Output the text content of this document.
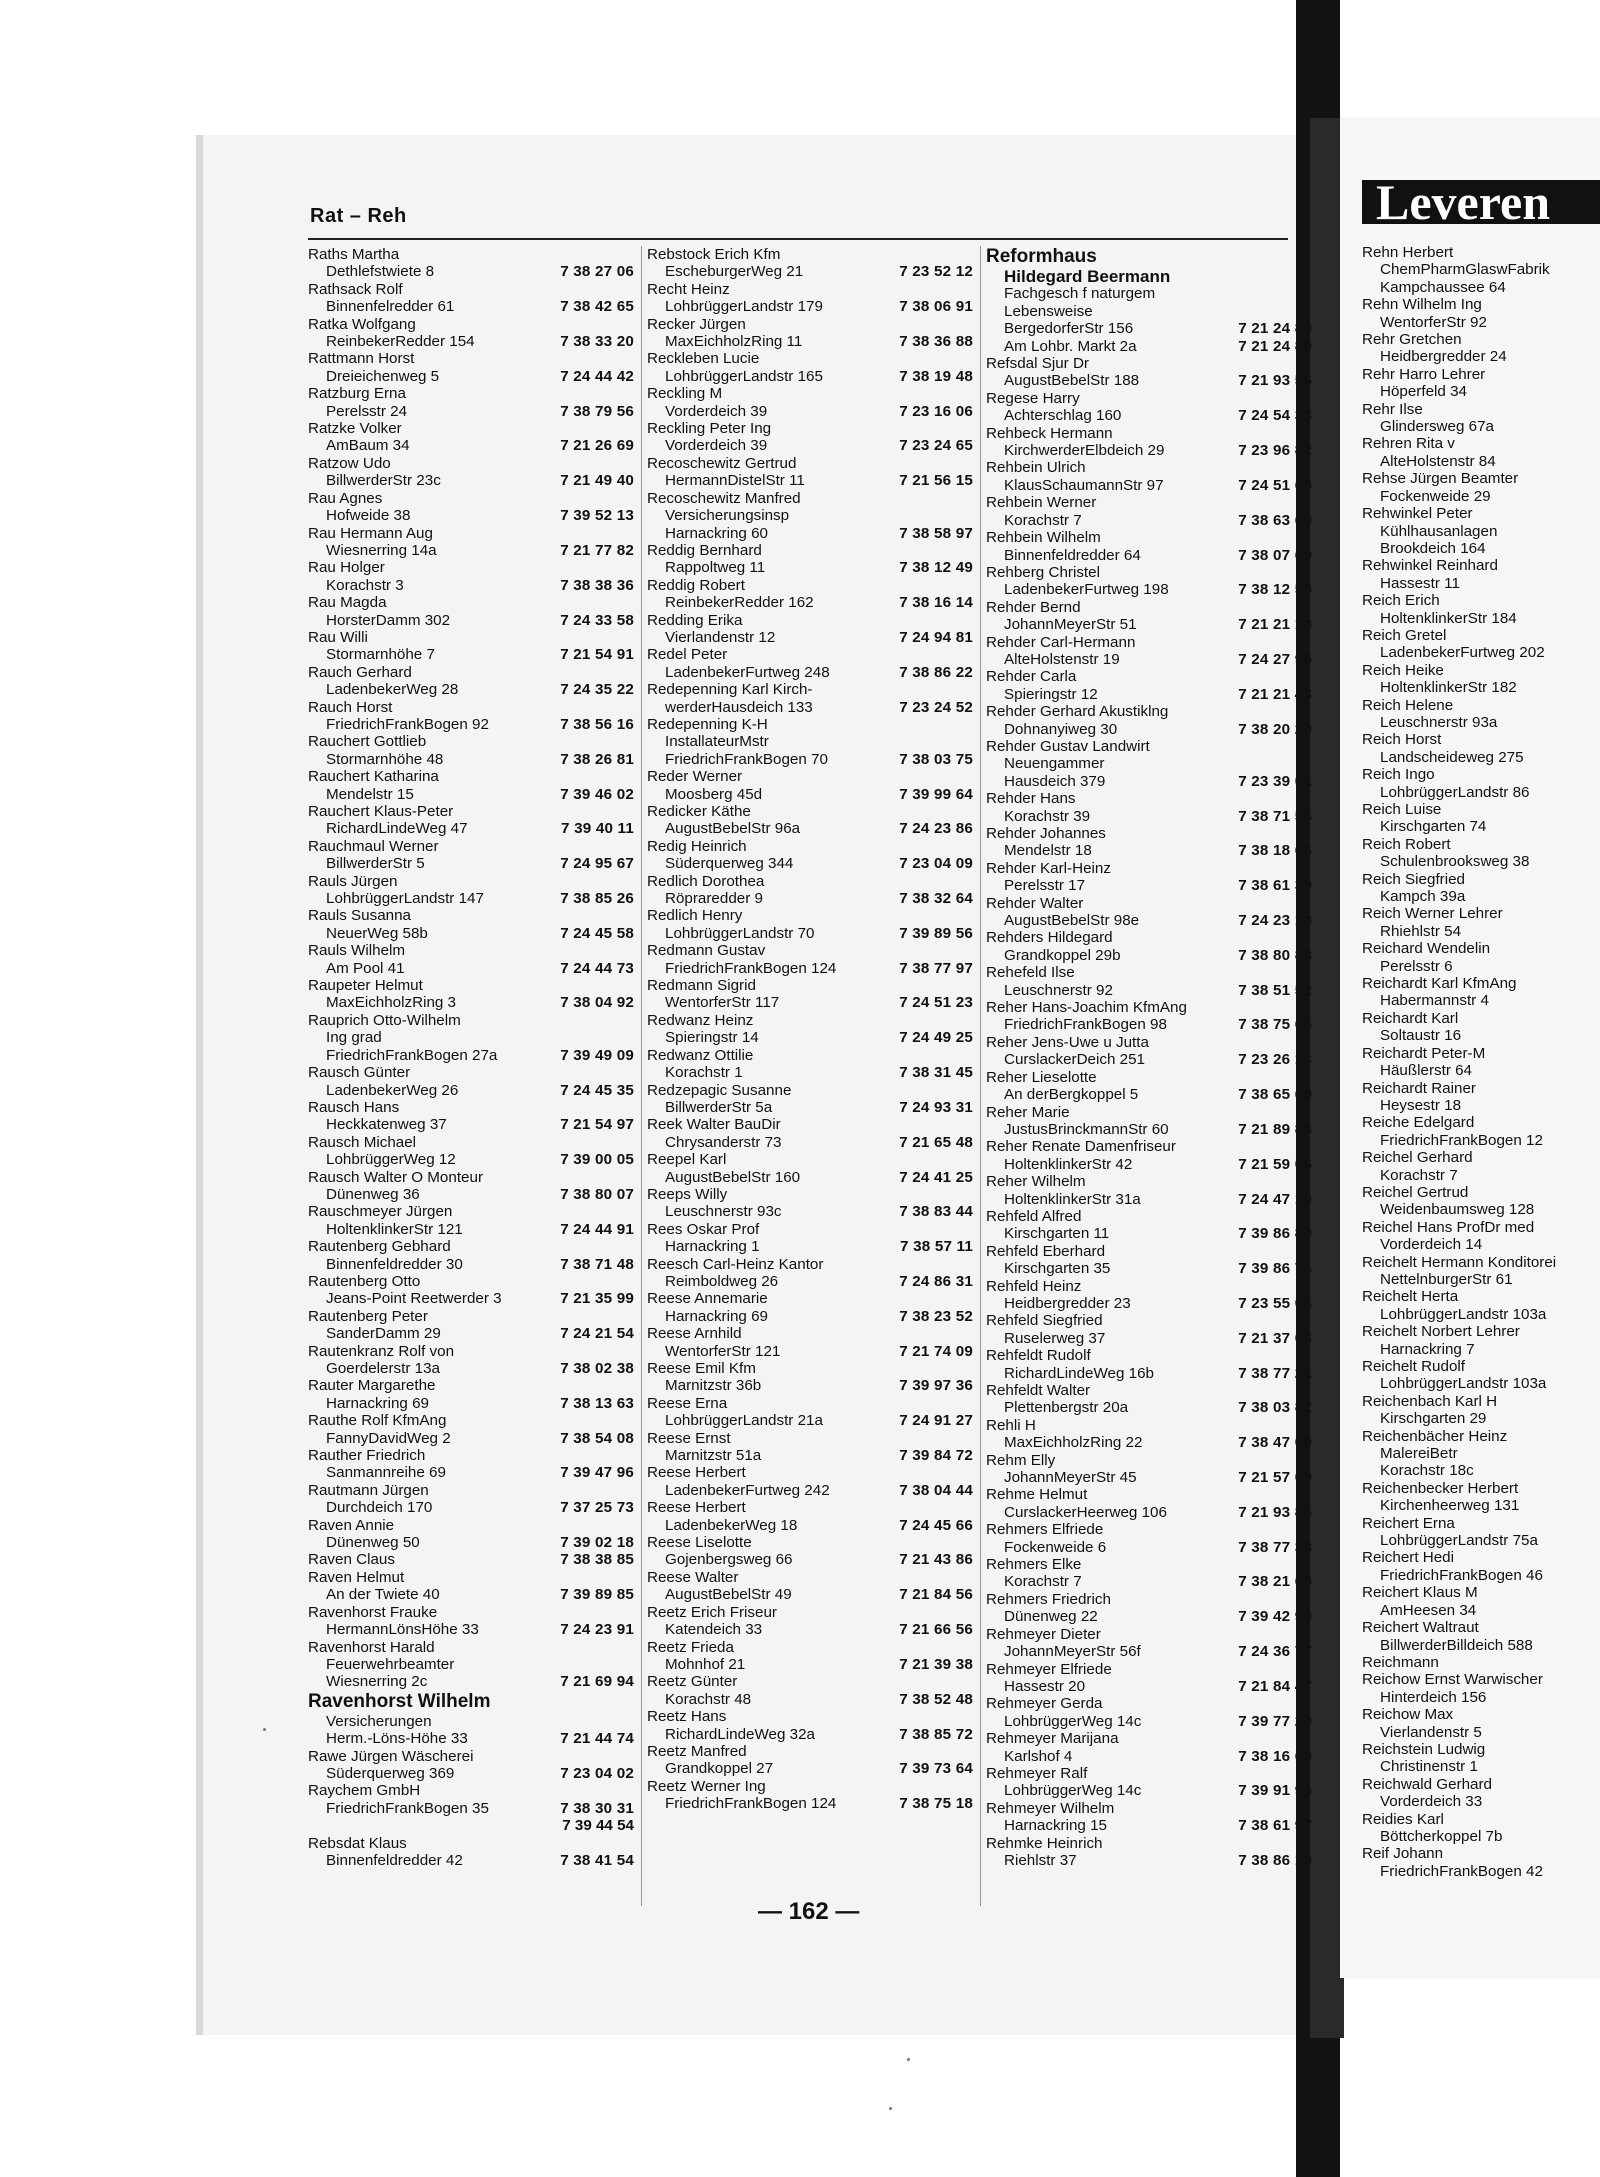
Leveren
Rehn Herbert
ChemPharmGlaswFabrik
Kampchaussee 64
Rehn Wilhelm Ing
WentorferStr 92
Rehr Gretchen
Heidbergredder 24
Rehr Harro Lehrer
Höperfeld 34
Rehr Ilse
Glindersweg 67a
Rehren Rita v
AlteHolstenstr 84
Rehse Jürgen Beamter
Fockenweide 29
Rehwinkel Peter
Kühlhausanlagen
Brookdeich 164
Rehwinkel Reinhard
Hassestr 11
Reich Erich
HoltenklinkerStr 184
Reich Gretel
LadenbekerFurtweg 202
Reich Heike
HoltenklinkerStr 182
Reich Helene
Leuschnerstr 93a
Reich Horst
Landscheideweg 275
Reich Ingo
LohbrüggerLandstr 86
Reich Luise
Kirschgarten 74
Reich Robert
Schulenbrooksweg 38
Reich Siegfried
Kampch 39a
Reich Werner Lehrer
Rhiehlstr 54
Reichard Wendelin
Perelsstr 6
Reichardt Karl KfmAng
Habermannstr 4
Reichardt Karl
Soltaustr 16
Reichardt Peter-M
Häußlerstr 64
Reichardt Rainer
Heysestr 18
Reiche Edelgard
FriedrichFrankBogen 12
Reichel Gerhard
Korachstr 7
Reichel Gertrud
Weidenbaumsweg 128
Reichel Hans ProfDr med
Vorderdeich 14
Reichelt Hermann Konditorei
NettelnburgerStr 61
Reichelt Herta
LohbrüggerLandstr 103a
Reichelt Norbert Lehrer
Harnackring 7
Reichelt Rudolf
LohbrüggerLandstr 103a
Reichenbach Karl H
Kirschgarten 29
Reichenbächer Heinz
MalereiBetr
Korachstr 18c
Reichenbecker Herbert
Kirchenheerweg 131
Reichert Erna
LohbrüggerLandstr 75a
Reichert Hedi
FriedrichFrankBogen 46
Reichert Klaus M
AmHeesen 34
Reichert Waltraut
BillwerderBilldeich 588
Reichmann
Reichow Ernst Warwischer
Hinterdeich 156
Reichow Max
Vierlandenstr 5
Reichstein Ludwig
Christinenstr 1
Reichwald Gerhard
Vorderdeich 33
Reidies Karl
Böttcherkoppel 7b
Reif Johann
FriedrichFrankBogen 42
Rat – Reh
Raths Martha
Dethlefstwiete 8	7 38 27 06
Rathsack Rolf
Binnenfelredder 61	7 38 42 65
Ratka Wolfgang
ReinbekerRedder 154	7 38 33 20
Rattmann Horst
Dreieichenweg 5	7 24 44 42
Ratzburg Erna
Perelsstr 24	7 38 79 56
Ratzke Volker
AmBaum 34	7 21 26 69
Ratzow Udo
BillwerderStr 23c	7 21 49 40
Rau Agnes
Hofweide 38	7 39 52 13
Rau Hermann Aug
Wiesnerring 14a	7 21 77 82
Rau Holger
Korachstr 3	7 38 38 36
Rau Magda
HorsterDamm 302	7 24 33 58
Rau Willi
Stormarnhöhe 7	7 21 54 91
Rauch Gerhard
LadenbekerWeg 28	7 24 35 22
Rauch Horst
FriedrichFrankBogen 92	7 38 56 16
Rauchert Gottlieb
Stormarnhöhe 48	7 38 26 81
Rauchert Katharina
Mendelstr 15	7 39 46 02
Rauchert Klaus-Peter
RichardLindeWeg 47	7 39 40 11
Rauchmaul Werner
BillwerderStr 5	7 24 95 67
Rauls Jürgen
LohbrüggerLandstr 147	7 38 85 26
Rauls Susanna
NeuerWeg 58b	7 24 45 58
Rauls Wilhelm
Am Pool 41	7 24 44 73
Raupeter Helmut
MaxEichholzRing 3	7 38 04 92
Rauprich Otto-Wilhelm
Ing grad
FriedrichFrankBogen 27a	7 39 49 09
Rausch Günter
LadenbekerWeg 26	7 24 45 35
Rausch Hans
Heckkatenweg 37	7 21 54 97
Rausch Michael
LohbrüggerWeg 12	7 39 00 05
Rausch Walter O Monteur
Dünenweg 36	7 38 80 07
Rauschmeyer Jürgen
HoltenklinkerStr 121	7 24 44 91
Rautenberg Gebhard
Binnenfeldredder 30	7 38 71 48
Rautenberg Otto
Jeans-Point Reetwerder 3	7 21 35 99
Rautenberg Peter
SanderDamm 29	7 24 21 54
Rautenkranz Rolf von
Goerdelerstr 13a	7 38 02 38
Rauter Margarethe
Harnackring 69	7 38 13 63
Rauthe Rolf KfmAng
FannyDavidWeg 2	7 38 54 08
Rauther Friedrich
Sanmannreihe 69	7 39 47 96
Rautmann Jürgen
Durchdeich 170	7 37 25 73
Raven Annie
Dünenweg 50	7 39 02 18
Raven Claus	7 38 38 85
Raven Helmut
An der Twiete 40	7 39 89 85
Ravenhorst Frauke
HermannLönsHöhe 33	7 24 23 91
Ravenhorst Harald
Feuerwehrbeamter
Wiesnerring 2c	7 21 69 94
Ravenhorst Wilhelm
Versicherungen
Herm.-Löns-Höhe 33	7 21 44 74
Rawe Jürgen Wäscherei
Süderquerweg 369	7 23 04 02
Raychem GmbH
FriedrichFrankBogen 35	7 38 30 31
7 39 44 54
Rebsdat Klaus
Binnenfeldredder 42	7 38 41 54
Rebstock Erich Kfm
EscheburgerWeg 21	7 23 52 12
Recht Heinz
LohbrüggerLandstr 179	7 38 06 91
Recker Jürgen
MaxEichholzRing 11	7 38 36 88
Reckleben Lucie
LohbrüggerLandstr 165	7 38 19 48
Reckling M
Vorderdeich 39	7 23 16 06
Reckling Peter Ing
Vorderdeich 39	7 23 24 65
Recoschewitz Gertrud
HermannDistelStr 11	7 21 56 15
Recoschewitz Manfred
Versicherungsinsp
Harnackring 60	7 38 58 97
Reddig Bernhard
Rappoltweg 11	7 38 12 49
Reddig Robert
ReinbekerRedder 162	7 38 16 14
Redding Erika
Vierlandenstr 12	7 24 94 81
Redel Peter
LadenbekerFurtweg 248	7 38 86 22
Redepenning Karl Kirch-
werderHausdeich 133	7 23 24 52
Redepenning K-H
InstallateurMstr
FriedrichFrankBogen 70	7 38 03 75
Reder Werner
Moosberg 45d	7 39 99 64
Redicker Käthe
AugustBebelStr 96a	7 24 23 86
Redig Heinrich
Süderquerweg 344	7 23 04 09
Redlich Dorothea
Röpraredder 9	7 38 32 64
Redlich Henry
LohbrüggerLandstr 70	7 39 89 56
Redmann Gustav
FriedrichFrankBogen 124	7 38 77 97
Redmann Sigrid
WentorferStr 117	7 24 51 23
Redwanz Heinz
Spieringstr 14	7 24 49 25
Redwanz Ottilie
Korachstr 1	7 38 31 45
Redzepagic Susanne
BillwerderStr 5a	7 24 93 31
Reek Walter BauDir
Chrysanderstr 73	7 21 65 48
Reepel Karl
AugustBebelStr 160	7 24 41 25
Reeps Willy
Leuschnerstr 93c	7 38 83 44
Rees Oskar Prof
Harnackring 1	7 38 57 11
Reesch Carl-Heinz Kantor
Reimboldweg 26	7 24 86 31
Reese Annemarie
Harnackring 69	7 38 23 52
Reese Arnhild
WentorferStr 121	7 21 74 09
Reese Emil Kfm
Marnitzstr 36b	7 39 97 36
Reese Erna
LohbrüggerLandstr 21a	7 24 91 27
Reese Ernst
Marnitzstr 51a	7 39 84 72
Reese Herbert
LadenbekerFurtweg 242	7 38 04 44
Reese Herbert
LadenbekerWeg 18	7 24 45 66
Reese Liselotte
Gojenbergsweg 66	7 21 43 86
Reese Walter
AugustBebelStr 49	7 21 84 56
Reetz Erich Friseur
Katendeich 33	7 21 66 56
Reetz Frieda
Mohnhof 21	7 21 39 38
Reetz Günter
Korachstr 48	7 38 52 48
Reetz Hans
RichardLindeWeg 32a	7 38 85 72
Reetz Manfred
Grandkoppel 27	7 39 73 64
Reetz Werner Ing
FriedrichFrankBogen 124	7 38 75 18
Reformhaus
Hildegard Beermann
Fachgesch f naturgem
Lebensweise
BergedorferStr 156	7 21 24 80
Am Lohbr. Markt 2a	7 21 24 80
Refsdal Sjur Dr
AugustBebelStr 188	7 21 93 56
Regese Harry
Achterschlag 160	7 24 54 33
Rehbeck Hermann
KirchwerderElbdeich 29	7 23 96 82
Rehbein Ulrich
KlausSchaumannStr 97	7 24 51 68
Rehbein Werner
Korachstr 7	7 38 63 69
Rehbein Wilhelm
Binnenfeldredder 64	7 38 07 60
Rehberg Christel
LadenbekerFurtweg 198	7 38 12 58
Rehder Bernd
JohannMeyerStr 51	7 21 21 18
Rehder Carl-Hermann
AlteHolstenstr 19	7 24 27 95
Rehder Carla
Spieringstr 12	7 21 21 43
Rehder Gerhard Akustiklng
Dohnanyiweg 30	7 38 20 20
Rehder Gustav Landwirt
Neuengammer
Hausdeich 379	7 23 39 01
Rehder Hans
Korachstr 39	7 38 71 54
Rehder Johannes
Mendelstr 18	7 38 18 66
Rehder Karl-Heinz
Perelsstr 17	7 38 61 39
Rehder Walter
AugustBebelStr 98e	7 24 23 18
Rehders Hildegard
Grandkoppel 29b	7 38 80 83
Rehefeld Ilse
Leuschnerstr 92	7 38 51 52
Reher Hans-Joachim KfmAng
FriedrichFrankBogen 98	7 38 75 66
Reher Jens-Uwe u Jutta
CurslackerDeich 251	7 23 26 14
Reher Lieselotte
An derBergkoppel 5	7 38 65 69
Reher Marie
JustusBrinckmannStr 60	7 21 89 84
Reher Renate Damenfriseur
HoltenklinkerStr 42	7 21 59 06
Reher Wilhelm
HoltenklinkerStr 31a	7 24 47 10
Rehfeld Alfred
Kirschgarten 11	7 39 86 89
Rehfeld Eberhard
Kirschgarten 35	7 39 86 74
Rehfeld Heinz
Heidbergredder 23	7 23 55 04
Rehfeld Siegfried
Ruselerweg 37	7 21 37 03
Rehfeldt Rudolf
RichardLindeWeg 16b	7 38 77 21
Rehfeldt Walter
Plettenbergstr 20a	7 38 03 82
Rehli H
MaxEichholzRing 22	7 38 47 00
Rehm Elly
JohannMeyerStr 45	7 21 57 09
Rehme Helmut
CurslackerHeerweg 106	7 21 93 86
Rehmers Elfriede
Fockenweide 6	7 38 77 33
Rehmers Elke
Korachstr 7	7 38 21 68
Rehmers Friedrich
Dünenweg 22	7 39 42 90
Rehmeyer Dieter
JohannMeyerStr 56f	7 24 36 77
Rehmeyer Elfriede
Hassestr 20	7 21 84 47
Rehmeyer Gerda
LohbrüggerWeg 14c	7 39 77 29
Rehmeyer Marijana
Karlshof 4	7 38 16 60
Rehmeyer Ralf
LohbrüggerWeg 14c	7 39 91 96
Rehmeyer Wilhelm
Harnackring 15	7 38 61 97
Rehmke Heinrich
Riehlstr 37	7 38 86 10
— 162 —
